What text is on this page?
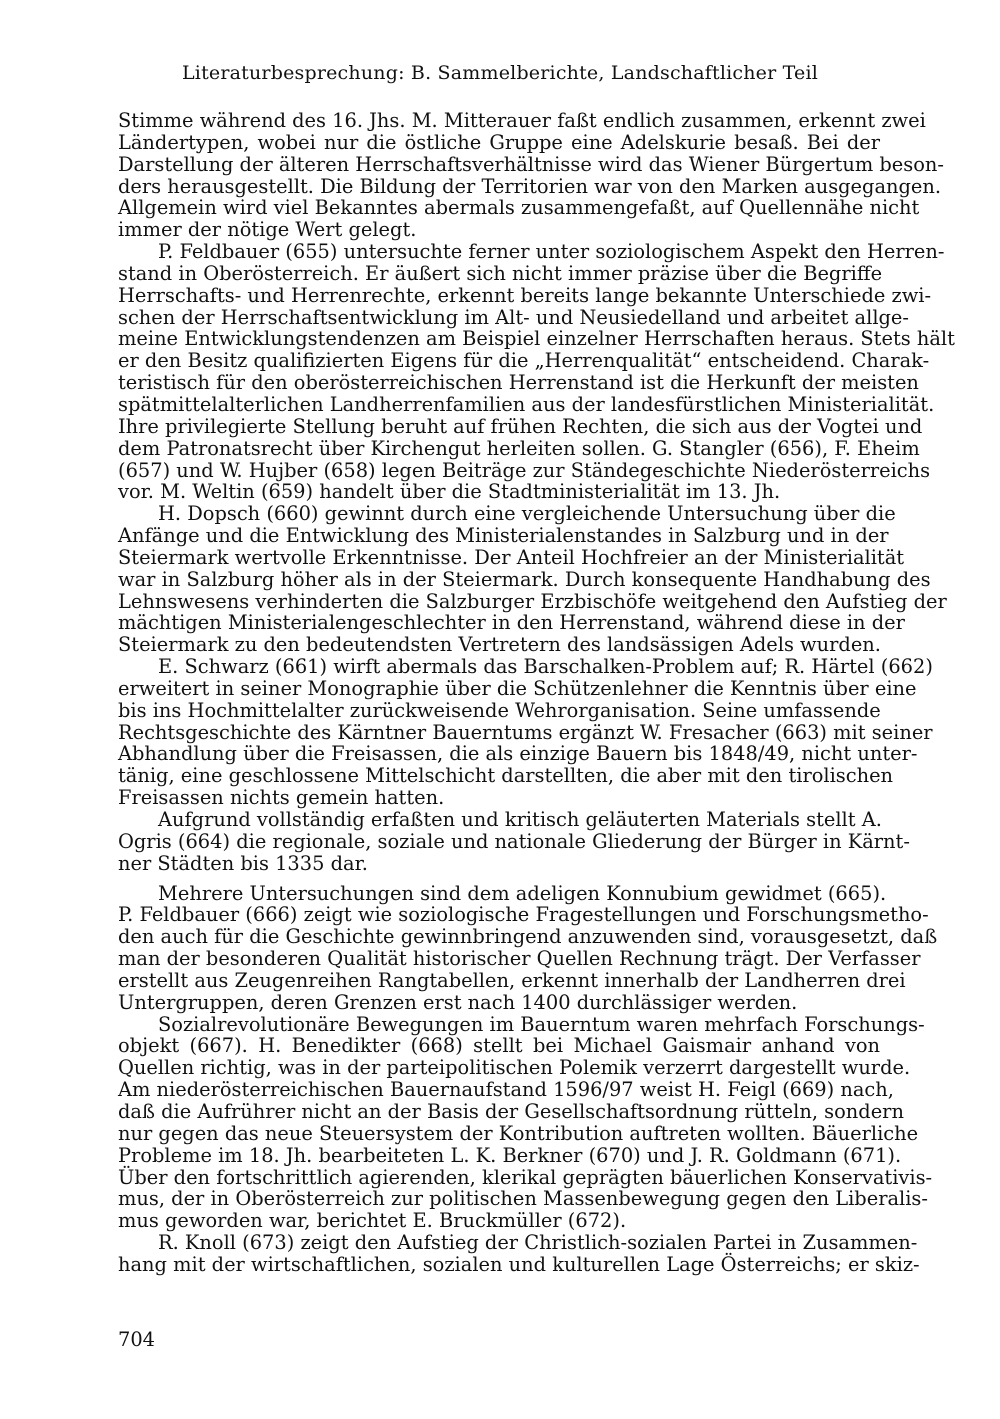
Literaturbesprechung: B. Sammelberichte, Landschaftlicher Teil
Stimme während des 16. Jhs. M. Mitterauer faßt endlich zusammen, erkennt zwei
Ländertypen, wobei nur die östliche Gruppe eine Adelskurie besaß. Bei der
Darstellung der älteren Herrschaftsverhältnisse wird das Wiener Bürgertum beson-
ders herausgestellt. Die Bildung der Territorien war von den Marken ausgegangen.
Allgemein wird viel Bekanntes abermals zusammengefaßt, auf Quellennähe nicht
immer der nötige Wert gelegt.
P. Feldbauer (655) untersuchte ferner unter soziologischem Aspekt den Herren-
stand in Oberösterreich. Er äußert sich nicht immer präzise über die Begriffe
Herrschafts- und Herrenrechte, erkennt bereits lange bekannte Unterschiede zwi-
schen der Herrschaftsentwicklung im Alt- und Neusiedelland und arbeitet allge-
meine Entwicklungstendenzen am Beispiel einzelner Herrschaften heraus. Stets hält
er den Besitz qualifizierten Eigens für die „Herrenqualität“ entscheidend. Charak-
teristisch für den oberösterreichischen Herrenstand ist die Herkunft der meisten
spätmittelalterlichen Landherrenfamilien aus der landesfürstlichen Ministerialität.
Ihre privilegierte Stellung beruht auf frühen Rechten, die sich aus der Vogtei und
dem Patronatsrecht über Kirchengut herleiten sollen. G. Stangler (656), F. Eheim
(657) und W. Hujber (658) legen Beiträge zur Ständegeschichte Niederösterreichs
vor. M. Weltin (659) handelt über die Stadtministerialität im 13. Jh.
H. Dopsch (660) gewinnt durch eine vergleichende Untersuchung über die
Anfänge und die Entwicklung des Ministerialenstandes in Salzburg und in der
Steiermark wertvolle Erkenntnisse. Der Anteil Hochfreier an der Ministerialität
war in Salzburg höher als in der Steiermark. Durch konsequente Handhabung des
Lehnswesens verhinderten die Salzburger Erzbischöfe weitgehend den Aufstieg der
mächtigen Ministerialengeschlechter in den Herrenstand, während diese in der
Steiermark zu den bedeutendsten Vertretern des landsässigen Adels wurden.
E. Schwarz (661) wirft abermals das Barschalken-Problem auf; R. Härtel (662)
erweitert in seiner Monographie über die Schützenlehner die Kenntnis über eine
bis ins Hochmittelalter zurückweisende Wehrorganisation. Seine umfassende
Rechtsgeschichte des Kärntner Bauerntums ergänzt W. Fresacher (663) mit seiner
Abhandlung über die Freisassen, die als einzige Bauern bis 1848/49, nicht unter-
tänig, eine geschlossene Mittelschicht darstellten, die aber mit den tirolischen
Freisassen nichts gemein hatten.
Aufgrund vollständig erfaßten und kritisch geläuterten Materials stellt A.
Ogris (664) die regionale, soziale und nationale Gliederung der Bürger in Kärnt-
ner Städten bis 1335 dar.
Mehrere Untersuchungen sind dem adeligen Konnubium gewidmet (665).
P. Feldbauer (666) zeigt wie soziologische Fragestellungen und Forschungsmetho-
den auch für die Geschichte gewinnbringend anzuwenden sind, vorausgesetzt, daß
man der besonderen Qualität historischer Quellen Rechnung trägt. Der Verfasser
erstellt aus Zeugenreihen Rangtabellen, erkennt innerhalb der Landherren drei
Untergruppen, deren Grenzen erst nach 1400 durchlässiger werden.
Sozialrevolutionäre Bewegungen im Bauerntum waren mehrfach Forschungs-
objekt (667). H. Benedikter (668) stellt bei Michael Gaismair anhand von
Quellen richtig, was in der parteipolitischen Polemik verzerrt dargestellt wurde.
Am niederösterreichischen Bauernaufstand 1596/97 weist H. Feigl (669) nach,
daß die Aufrührer nicht an der Basis der Gesellschaftsordnung rütteln, sondern
nur gegen das neue Steuersystem der Kontribution auftreten wollten. Bäuerliche
Probleme im 18. Jh. bearbeiteten L. K. Berkner (670) und J. R. Goldmann (671).
Über den fortschrittlich agierenden, klerikal geprägten bäuerlichen Konservativis-
mus, der in Oberösterreich zur politischen Massenbewegung gegen den Liberalis-
mus geworden war, berichtet E. Bruckmüller (672).
R. Knoll (673) zeigt den Aufstieg der Christlich-sozialen Partei in Zusammen-
hang mit der wirtschaftlichen, sozialen und kulturellen Lage Österreichs; er skiz-
704
